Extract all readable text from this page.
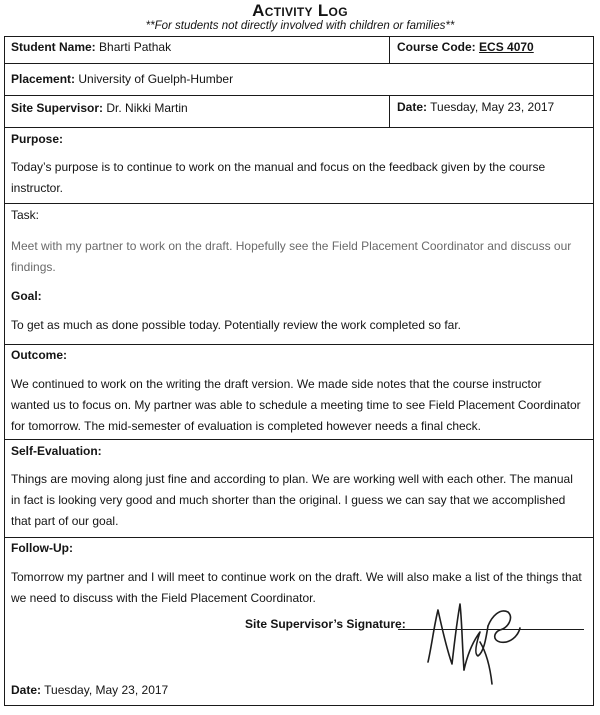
Activity Log
**For students not directly involved with children or families**
Student Name: Bharti Pathak	Course Code: ECS 4070
Placement: University of Guelph-Humber
Site Supervisor: Dr. Nikki Martin	Date: Tuesday, May 23, 2017
Purpose:
Today’s purpose is to continue to work on the manual and focus on the feedback given by the course instructor.
Task:
Meet with my partner to work on the draft. Hopefully see the Field Placement Coordinator and discuss our findings.
Goal:
To get as much as done possible today. Potentially review the work completed so far.
Outcome:
We continued to work on the writing the draft version. We made side notes that the course instructor wanted us to focus on. My partner was able to schedule a meeting time to see Field Placement Coordinator for tomorrow. The mid-semester of evaluation is completed however needs a final check.
Self-Evaluation:
Things are moving along just fine and according to plan. We are working well with each other. The manual in fact is looking very good and much shorter than the original. I guess we can say that we accomplished that part of our goal.
Follow-Up:
Tomorrow my partner and I will meet to continue work on the draft. We will also make a list of the things that we need to discuss with the Field Placement Coordinator.
Date: Tuesday, May 23, 2017
Site Supervisor’s Signature:
